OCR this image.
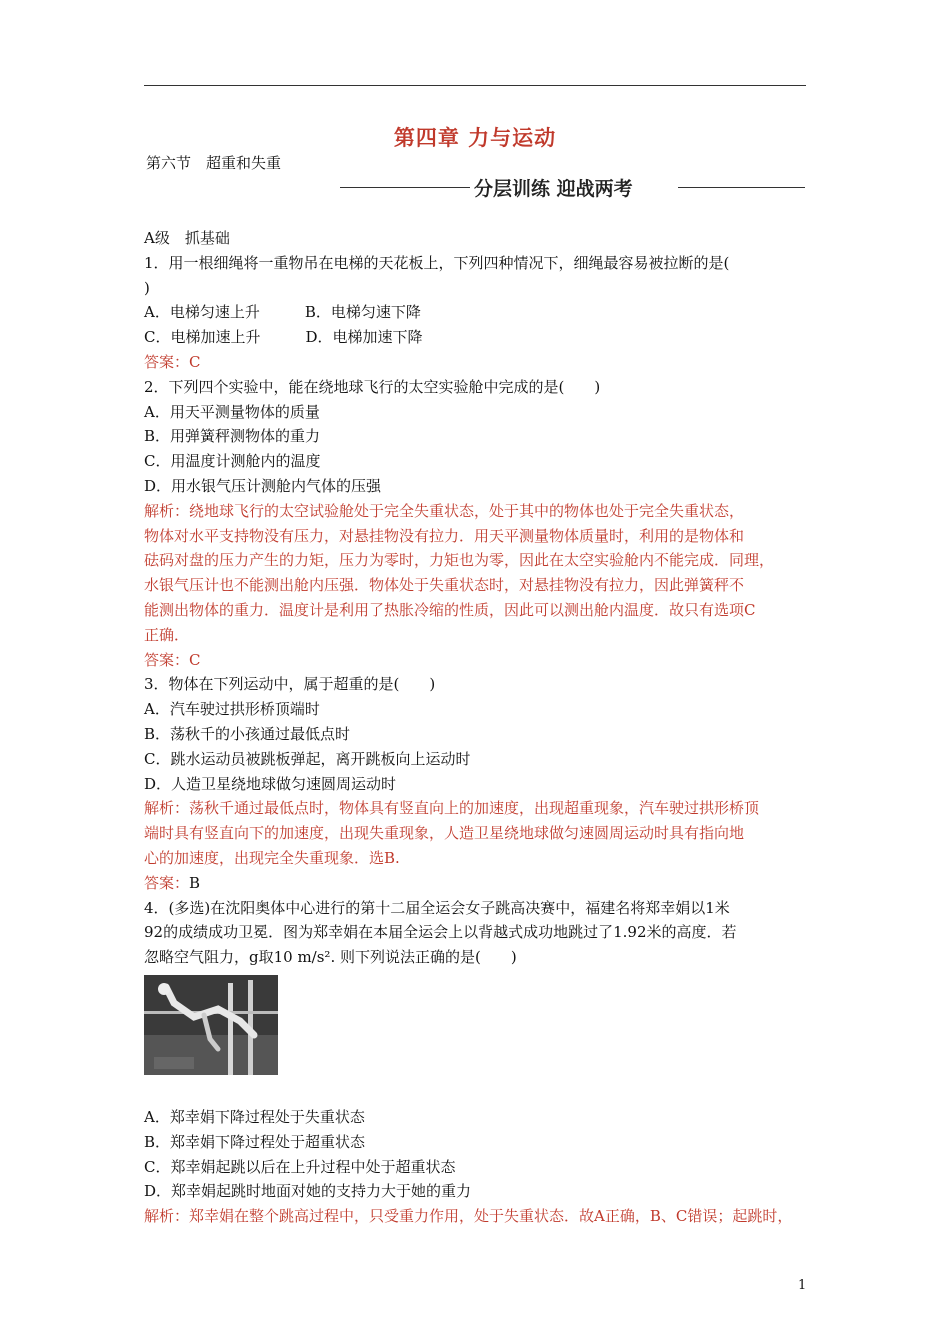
第四章 力与运动
第六节　超重和失重
分层训练 迎战两考

A级　抓基础

1．用一根细绳将一重物吊在电梯的天花板上，下列四种情况下，细绳最容易被拉断的是(

)

A．电梯匀速上升　　　B．电梯匀速下降

C．电梯加速上升　　　D．电梯加速下降

答案：C

2．下列四个实验中，能在绕地球飞行的太空实验舱中完成的是(　　)

A．用天平测量物体的质量

B．用弹簧秤测物体的重力

C．用温度计测舱内的温度

D．用水银气压计测舱内气体的压强

解析：绕地球飞行的太空试验舱处于完全失重状态，处于其中的物体也处于完全失重状态，

物体对水平支持物没有压力，对悬挂物没有拉力．用天平测量物体质量时，利用的是物体和

砝码对盘的压力产生的力矩，压力为零时，力矩也为零，因此在太空实验舱内不能完成．同理，

水银气压计也不能测出舱内压强．物体处于失重状态时，对悬挂物没有拉力，因此弹簧秤不

能测出物体的重力．温度计是利用了热胀冷缩的性质，因此可以测出舱内温度．故只有选项C

正确．

答案：C

3．物体在下列运动中，属于超重的是(　　)

A．汽车驶过拱形桥顶端时

B．荡秋千的小孩通过最低点时

C．跳水运动员被跳板弹起，离开跳板向上运动时

D．人造卫星绕地球做匀速圆周运动时

解析：荡秋千通过最低点时，物体具有竖直向上的加速度，出现超重现象，汽车驶过拱形桥顶

端时具有竖直向下的加速度，出现失重现象，人造卫星绕地球做匀速圆周运动时具有指向地

心的加速度，出现完全失重现象．选B.

答案：B

4．(多选)在沈阳奥体中心进行的第十二届全运会女子跳高决赛中，福建名将郑幸娟以1米

92的成绩成功卫冕．图为郑幸娟在本届全运会上以背越式成功地跳过了1.92米的高度．若

忽略空气阻力，g取10 m/s². 则下列说法正确的是(　　)

A．郑幸娟下降过程处于失重状态

B．郑幸娟下降过程处于超重状态

C．郑幸娟起跳以后在上升过程中处于超重状态

D．郑幸娟起跳时地面对她的支持力大于她的重力

解析：郑幸娟在整个跳高过程中，只受重力作用，处于失重状态．故A正确，B、C错误；起跳时，

1
